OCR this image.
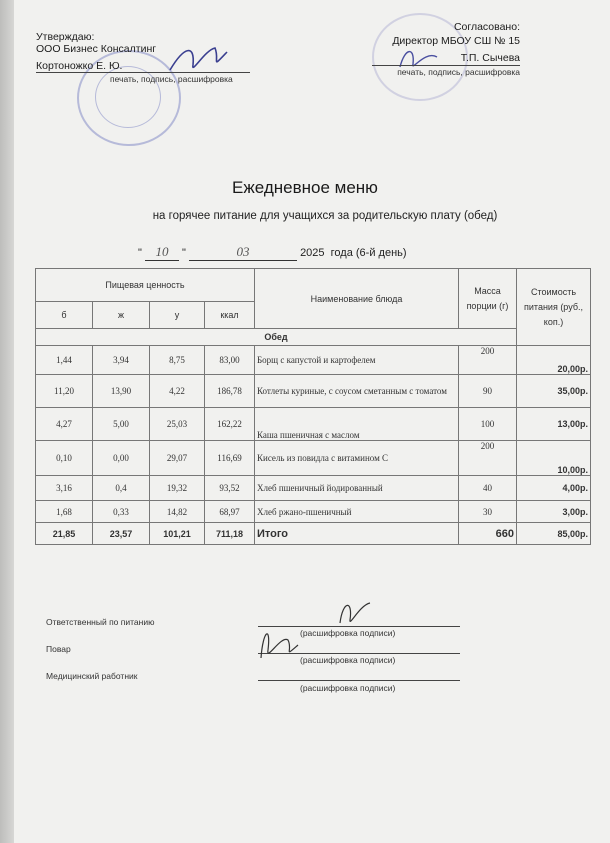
Утверждаю:
ООО Бизнес Консалтинг
Кортоножко Е. Ю.
печать, подпись, расшифровка
Согласовано:
Директор МБОУ СШ № 15
Т.П. Сычева
печать, подпись, расшифровка
Ежедневное меню
на горячее питание для учащихся за родительскую плату (обед)
" 10 "	03	2025  года (6-й день)
Пищевая ценность				Наименование блюда	Масса порции (г)	Стоимость питания (руб., коп.)
б	ж	у	ккал			
Обед						
1,44	3,94	8,75	83,00	Борщ с капустой и картофелем	200	20,00р.
11,20	13,90	4,22	186,78	Котлеты куриные, с соусом сметанным с томатом	90	35,00р.
4,27	5,00	25,03	162,22	Каша пшеничная с маслом	100	13,00р.
0,10	0,00	29,07	116,69	Кисель из повидла с витамином С	200	10,00р.
3,16	0,4	19,32	93,52	Хлеб пшеничный йодированный	40	4,00р.
1,68	0,33	14,82	68,97	Хлеб ржано-пшеничный	30	3,00р.
21,85	23,57	101,21	711,18	Итого	660	85,00р.
Ответственный по питанию
(расшифровка подписи)
Повар
(расшифровка подписи)
Медицинский работник
(расшифровка подписи)
